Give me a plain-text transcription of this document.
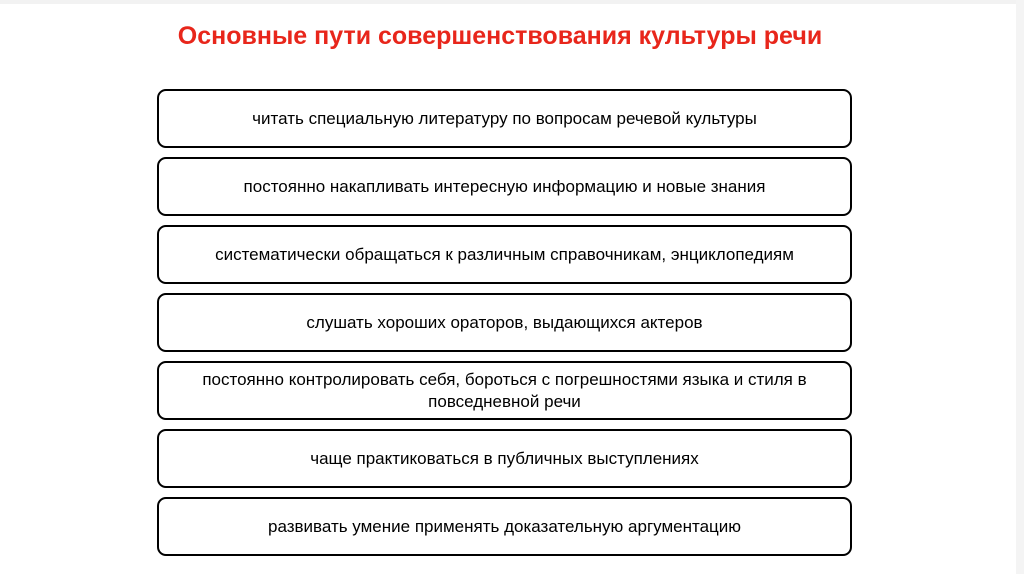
Основные пути совершенствования культуры речи
читать специальную литературу по вопросам речевой культуры
постоянно накапливать интересную информацию и новые знания
систематически обращаться к различным справочникам, энциклопедиям
слушать хороших ораторов, выдающихся актеров
постоянно контролировать себя, бороться с погрешностями языка и стиля в повседневной речи
чаще практиковаться в публичных выступлениях
развивать умение применять доказательную аргументацию
